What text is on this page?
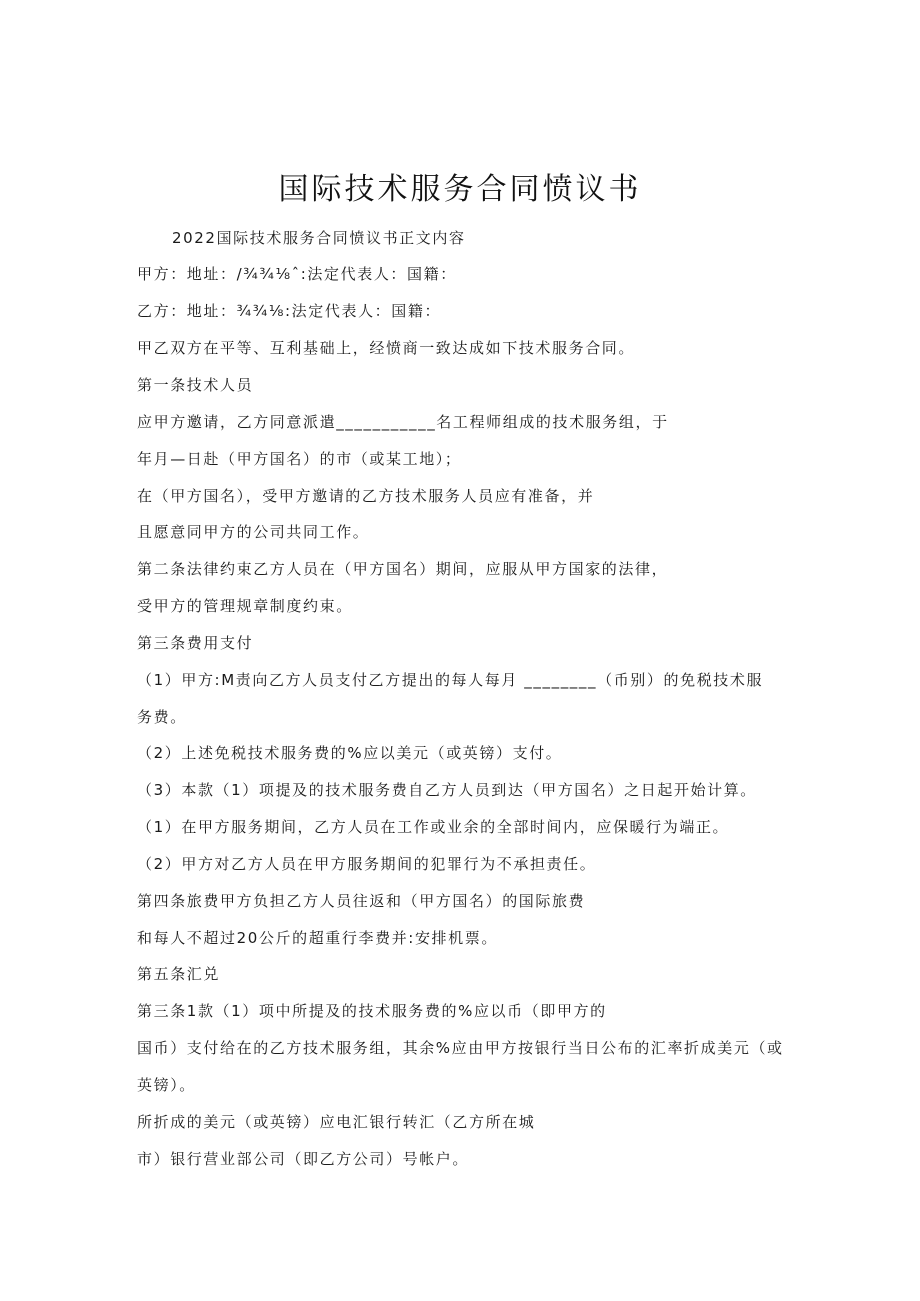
国际技术服务合同愤议书
2022国际技术服务合同愤议书正文内容
甲方：地址：/¾¾⅛ˆ:法定代表人：国籍：
乙方：地址：¾¾⅛:法定代表人：国籍：
甲乙双方在平等、互利基础上，经愤商一致达成如下技术服务合同。
第一条技术人员
应甲方邀请，乙方同意派遣___________名工程师组成的技术服务组，于
年月—日赴（甲方国名）的市（或某工地）；
在（甲方国名），受甲方邀请的乙方技术服务人员应有准备，并
且愿意同甲方的公司共同工作。
第二条法律约束乙方人员在（甲方国名）期间，应服从甲方国家的法律，
受甲方的管理规章制度约束。
第三条费用支付
（1）甲方:M责向乙方人员支付乙方提出的每人每月 ________（币别）的免税技术服
务费。
（2）上述免税技术服务费的%应以美元（或英镑）支付。
（3）本款（1）项提及的技术服务费自乙方人员到达（甲方国名）之日起开始计算。
（1）在甲方服务期间，乙方人员在工作或业余的全部时间内，应保暖行为端正。
（2）甲方对乙方人员在甲方服务期间的犯罪行为不承担责任。
第四条旅费甲方负担乙方人员往返和（甲方国名）的国际旅费
和每人不超过20公斤的超重行李费并:安排机票。
第五条汇兑
第三条1款（1）项中所提及的技术服务费的%应以币（即甲方的
国币）支付给在的乙方技术服务组，其余%应由甲方按银行当日公布的汇率折成美元（或
英镑）。
所折成的美元（或英镑）应电汇银行转汇（乙方所在城
市）银行营业部公司（即乙方公司）号帐户。
